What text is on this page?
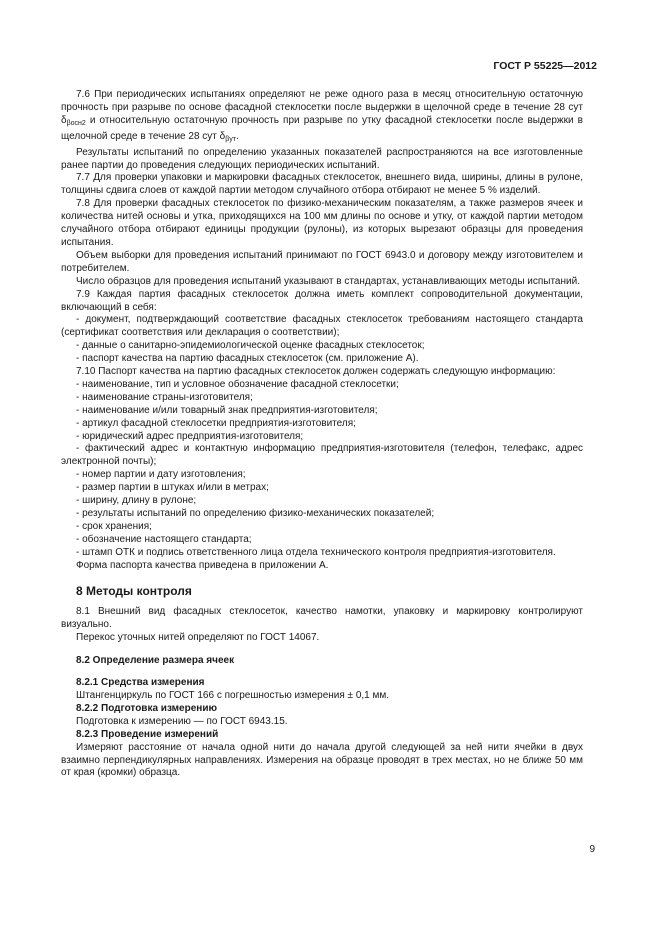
ГОСТ Р 55225—2012

7.6 При периодических испытаниях определяют не реже одного раза в месяц относительную остаточную прочность при разрыве по основе фасадной стеклосетки после выдержки в щелочной среде в течение 28 сут $\delta_{\beta осн2}$ и относительную остаточную прочность при разрыве по утку фасадной стеклосетки после выдержки в щелочной среде в течение 28 сут $\delta_{\beta ут}$.

Результаты испытаний по определению указанных показателей распространяются на все изготовленные ранее партии до проведения следующих периодических испытаний.

7.7 Для проверки упаковки и маркировки фасадных стеклосеток, внешнего вида, ширины, длины в рулоне, толщины сдвига слоев от каждой партии методом случайного отбора отбирают не менее 5 % изделий.

7.8 Для проверки фасадных стеклосеток по физико-механическим показателям, а также размеров ячеек и количества нитей основы и утка, приходящихся на 100 мм длины по основе и утку, от каждой партии методом случайного отбора отбирают единицы продукции (рулоны), из которых вырезают образцы для проведения испытания.

Объем выборки для проведения испытаний принимают по ГОСТ 6943.0 и договору между изготовителем и потребителем.

Число образцов для проведения испытаний указывают в стандартах, устанавливающих методы испытаний.

7.9 Каждая партия фасадных стеклосеток должна иметь комплект сопроводительной документации, включающий в себя:

- документ, подтверждающий соответствие фасадных стеклосеток требованиям настоящего стандарта (сертификат соответствия или декларация о соответствии);

- данные о санитарно-эпидемиологической оценке фасадных стеклосеток;

- паспорт качества на партию фасадных стеклосеток (см. приложение А).

7.10 Паспорт качества на партию фасадных стеклосеток должен содержать следующую информацию:

- наименование, тип и условное обозначение фасадной стеклосетки;

- наименование страны-изготовителя;

- наименование и/или товарный знак предприятия-изготовителя;

- артикул фасадной стеклосетки предприятия-изготовителя;

- юридический адрес предприятия-изготовителя;

- фактический адрес и контактную информацию предприятия-изготовителя (телефон, телефакс, адрес электронной почты);

- номер партии и дату изготовления;

- размер партии в штуках и/или в метрах;

- ширину, длину в рулоне;

- результаты испытаний по определению физико-механических показателей;

- срок хранения;

- обозначение настоящего стандарта;

- штамп ОТК и подпись ответственного лица отдела технического контроля предприятия-изготовителя.

Форма паспорта качества приведена в приложении А.

8 Методы контроля

8.1 Внешний вид фасадных стеклосеток, качество намотки, упаковку и маркировку контролируют визуально.

Перекос уточных нитей определяют по ГОСТ 14067.

8.2 Определение размера ячеек
8.2.1 Средства измерения

Штангенциркуль по ГОСТ 166 с погрешностью измерения ± 0,1 мм.

8.2.2 Подготовка измерению

Подготовка к измерению — по ГОСТ 6943.15.

8.2.3 Проведение измерений

Измеряют расстояние от начала одной нити до начала другой следующей за ней нити ячейки в двух взаимно перпендикулярных направлениях. Измерения на образце проводят в трех местах, но не ближе 50 мм от края (кромки) образца.

9
